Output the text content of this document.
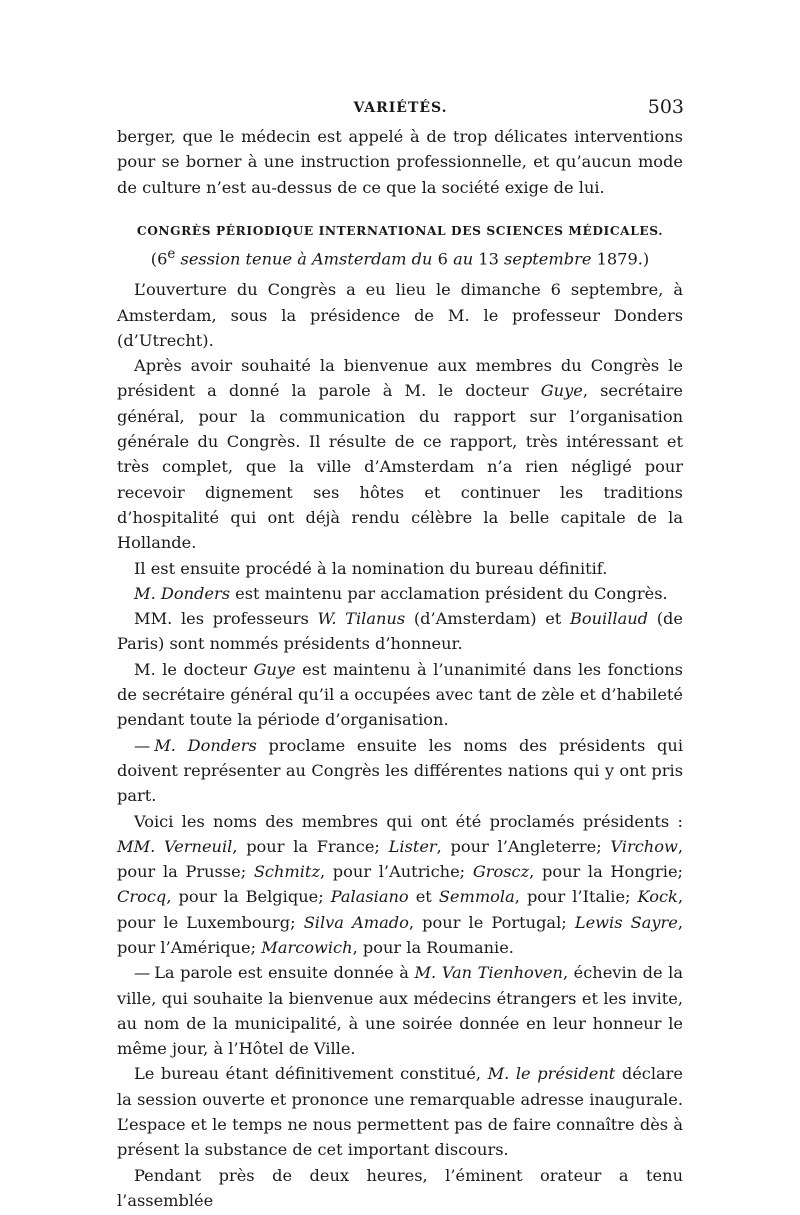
VARIÉTÉS.	503

berger, que le médecin est appelé à de trop délicates interventions pour se borner à une instruction professionnelle, et qu’aucun mode de culture n’est au-dessus de ce que la société exige de lui.

CONGRÈS PÉRIODIQUE INTERNATIONAL DES SCIENCES MÉDICALES.
(6e session tenue à Amsterdam du 6 au 13 septembre 1879.)

L’ouverture du Congrès a eu lieu le dimanche 6 septembre, à Amsterdam, sous la présidence de M. le professeur Donders (d’Utrecht).

Après avoir souhaité la bienvenue aux membres du Congrès le président a donné la parole à M. le docteur Guye, secrétaire général, pour la communication du rapport sur l’organisation générale du Congrès. Il résulte de ce rapport, très intéressant et très complet, que la ville d’Amsterdam n’a rien négligé pour recevoir dignement ses hôtes et continuer les traditions d’hospitalité qui ont déjà rendu célèbre la belle capitale de la Hollande.

Il est ensuite procédé à la nomination du bureau définitif.

M. Donders est maintenu par acclamation président du Congrès.

MM. les professeurs W. Tilanus (d’Amsterdam) et Bouillaud (de Paris) sont nommés présidents d’honneur.

M. le docteur Guye est maintenu à l’unanimité dans les fonctions de secrétaire général qu’il a occupées avec tant de zèle et d’habileté pendant toute la période d’organisation.

— M. Donders proclame ensuite les noms des présidents qui doivent représenter au Congrès les différentes nations qui y ont pris part.

Voici les noms des membres qui ont été proclamés présidents : MM. Verneuil, pour la France; Lister, pour l’Angleterre; Virchow, pour la Prusse; Schmitz, pour l’Autriche; Groscz, pour la Hongrie; Crocq, pour la Belgique; Palasiano et Semmola, pour l’Italie; Kock, pour le Luxembourg; Silva Amado, pour le Portugal; Lewis Sayre, pour l’Amérique; Marcowich, pour la Roumanie.

— La parole est ensuite donnée à M. Van Tienhoven, échevin de la ville, qui souhaite la bienvenue aux médecins étrangers et les invite, au nom de la municipalité, à une soirée donnée en leur honneur le même jour, à l’Hôtel de Ville.

Le bureau étant définitivement constitué, M. le président déclare la session ouverte et prononce une remarquable adresse inaugurale. L’espace et le temps ne nous permettent pas de faire connaître dès à présent la substance de cet important discours.

Pendant près de deux heures, l’éminent orateur a tenu l’assemblée
